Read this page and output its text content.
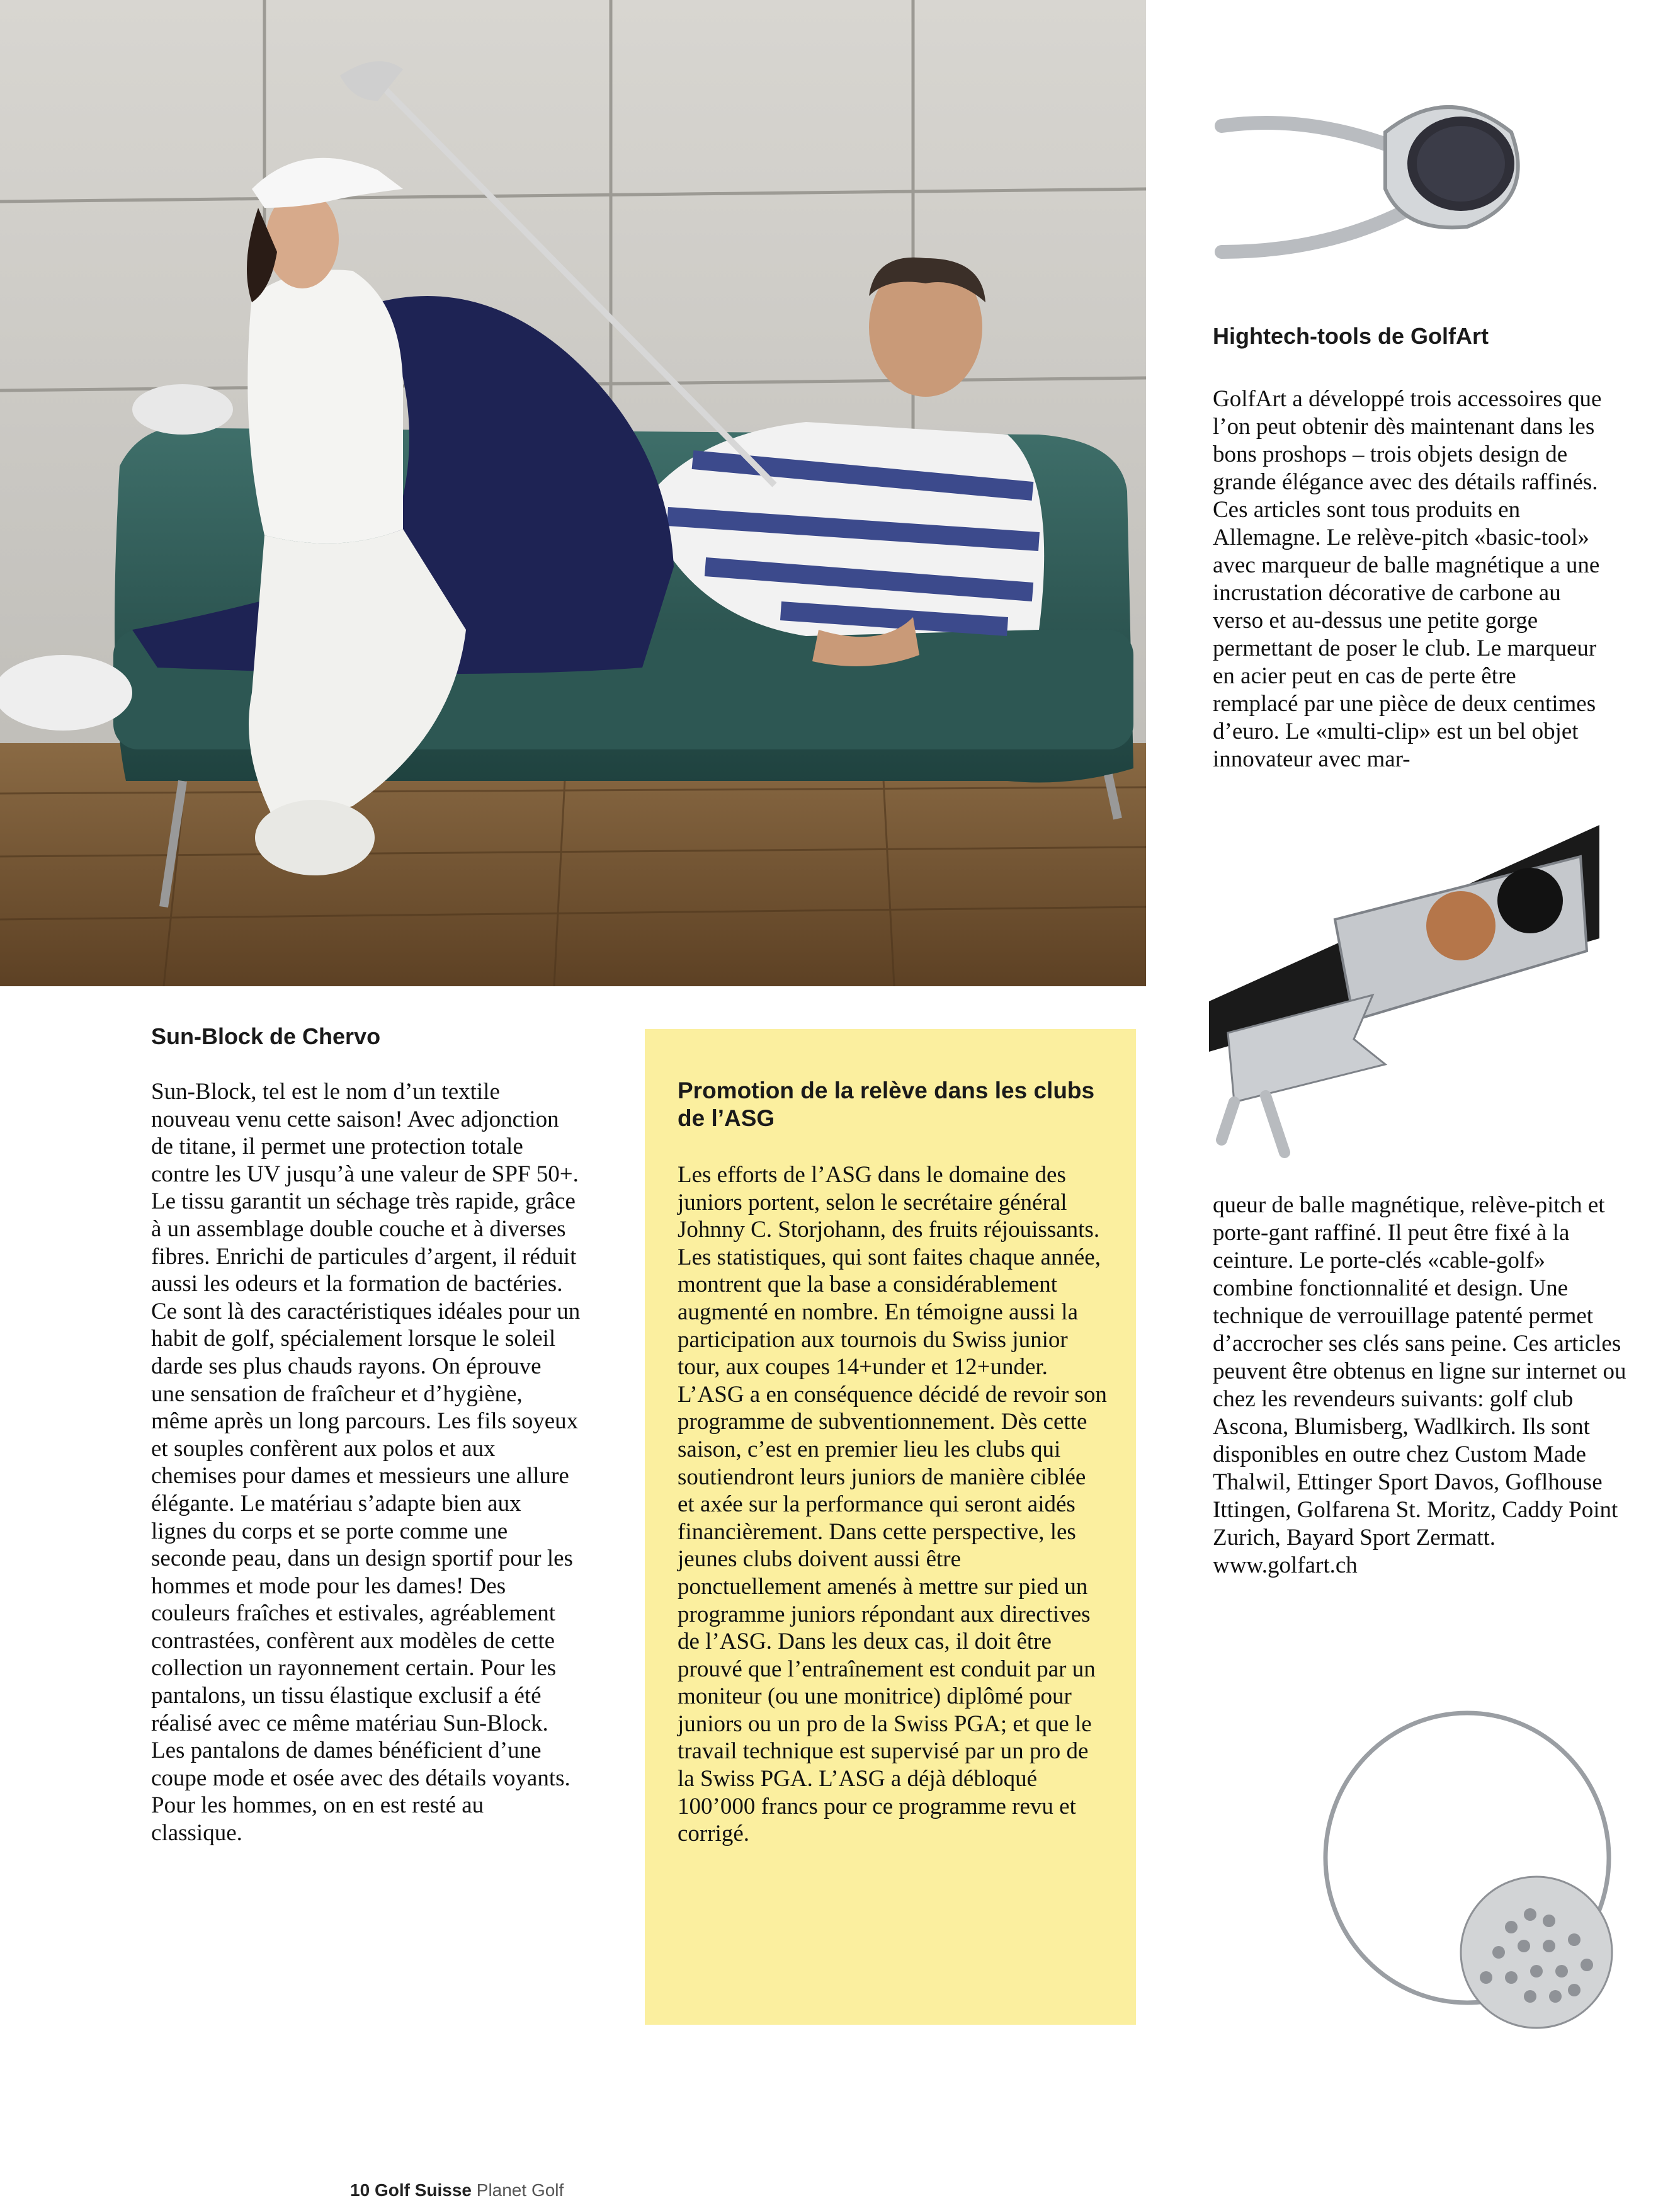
Hightech-tools de GolfArt

GolfArt a développé trois accessoires que l’on peut obtenir dès maintenant dans les bons proshops – trois objets design de grande élégance avec des détails raffinés. Ces articles sont tous produits en Allemagne. Le relève-pitch «basic-tool» avec marqueur de balle magnétique a une incrustation décorative de carbone au verso et au-dessus une petite gorge permettant de poser le club. Le marqueur en acier peut en cas de perte être remplacé par une pièce de deux centimes d’euro. Le «multi-clip» est un bel objet innovateur avec mar-

queur de balle magnétique, relève-pitch et porte-gant raffiné. Il peut être fixé à la ceinture. Le porte-clés «cable-golf» combine fonctionnalité et design. Une technique de verrouillage patenté permet d’accrocher ses clés sans peine. Ces articles peuvent être obtenus en ligne sur internet ou chez les revendeurs suivants: golf club Ascona, Blumisberg, Wadlkirch. Ils sont disponibles en outre chez Custom Made Thalwil, Ettinger Sport Davos, Goflhouse Ittingen, Golfarena St. Moritz, Caddy Point Zurich, Bayard Sport Zermatt. www.golfart.ch

Sun-Block de Chervo

Sun-Block, tel est le nom d’un textile nouveau venu cette saison! Avec adjonction de titane, il permet une protection totale contre les UV jusqu’à une valeur de SPF 50+. Le tissu garantit un séchage très rapide, grâce à un assemblage double couche et à diverses fibres. Enrichi de particules d’argent, il réduit aussi les odeurs et la formation de bactéries. Ce sont là des caractéristiques idéales pour un habit de golf, spécialement lorsque le soleil darde ses plus chauds rayons. On éprouve une sensation de fraîcheur et d’hygiène, même après un long parcours. Les fils soyeux et souples confèrent aux polos et aux chemises pour dames et messieurs une allure élégante. Le matériau s’adapte bien aux lignes du corps et se porte comme une seconde peau, dans un design sportif pour les hommes et mode pour les dames! Des couleurs fraîches et estivales, agréablement contrastées, confèrent aux modèles de cette collection un rayonnement certain. Pour les pantalons, un tissu élastique exclusif a été réalisé avec ce même matériau Sun-Block. Les pantalons de dames bénéficient d’une coupe mode et osée avec des détails voyants. Pour les hommes, on en est resté au classique.

Promotion de la relève dans les clubs de l’ASG

Les efforts de l’ASG dans le domaine des juniors portent, selon le secrétaire général Johnny C. Storjohann, des fruits réjouissants. Les statistiques, qui sont faites chaque année, montrent que la base a considérablement augmenté en nombre. En témoigne aussi la participation aux tournois du Swiss junior tour, aux coupes 14+under et 12+under. L’ASG a en conséquence décidé de revoir son programme de subventionnement. Dès cette saison, c’est en premier lieu les clubs qui soutiendront leurs juniors de manière ciblée et axée sur la performance qui seront aidés financièrement. Dans cette perspective, les jeunes clubs doivent aussi être ponctuellement amenés à mettre sur pied un programme juniors répondant aux directives de l’ASG. Dans les deux cas, il doit être prouvé que l’entraînement est conduit par un moniteur (ou une monitrice) diplômé pour juniors ou un pro de la Swiss PGA; et que le travail technique est supervisé par un pro de la Swiss PGA. L’ASG a déjà débloqué 100’000 francs pour ce programme revu et corrigé.

10 Golf Suisse Planet Golf
